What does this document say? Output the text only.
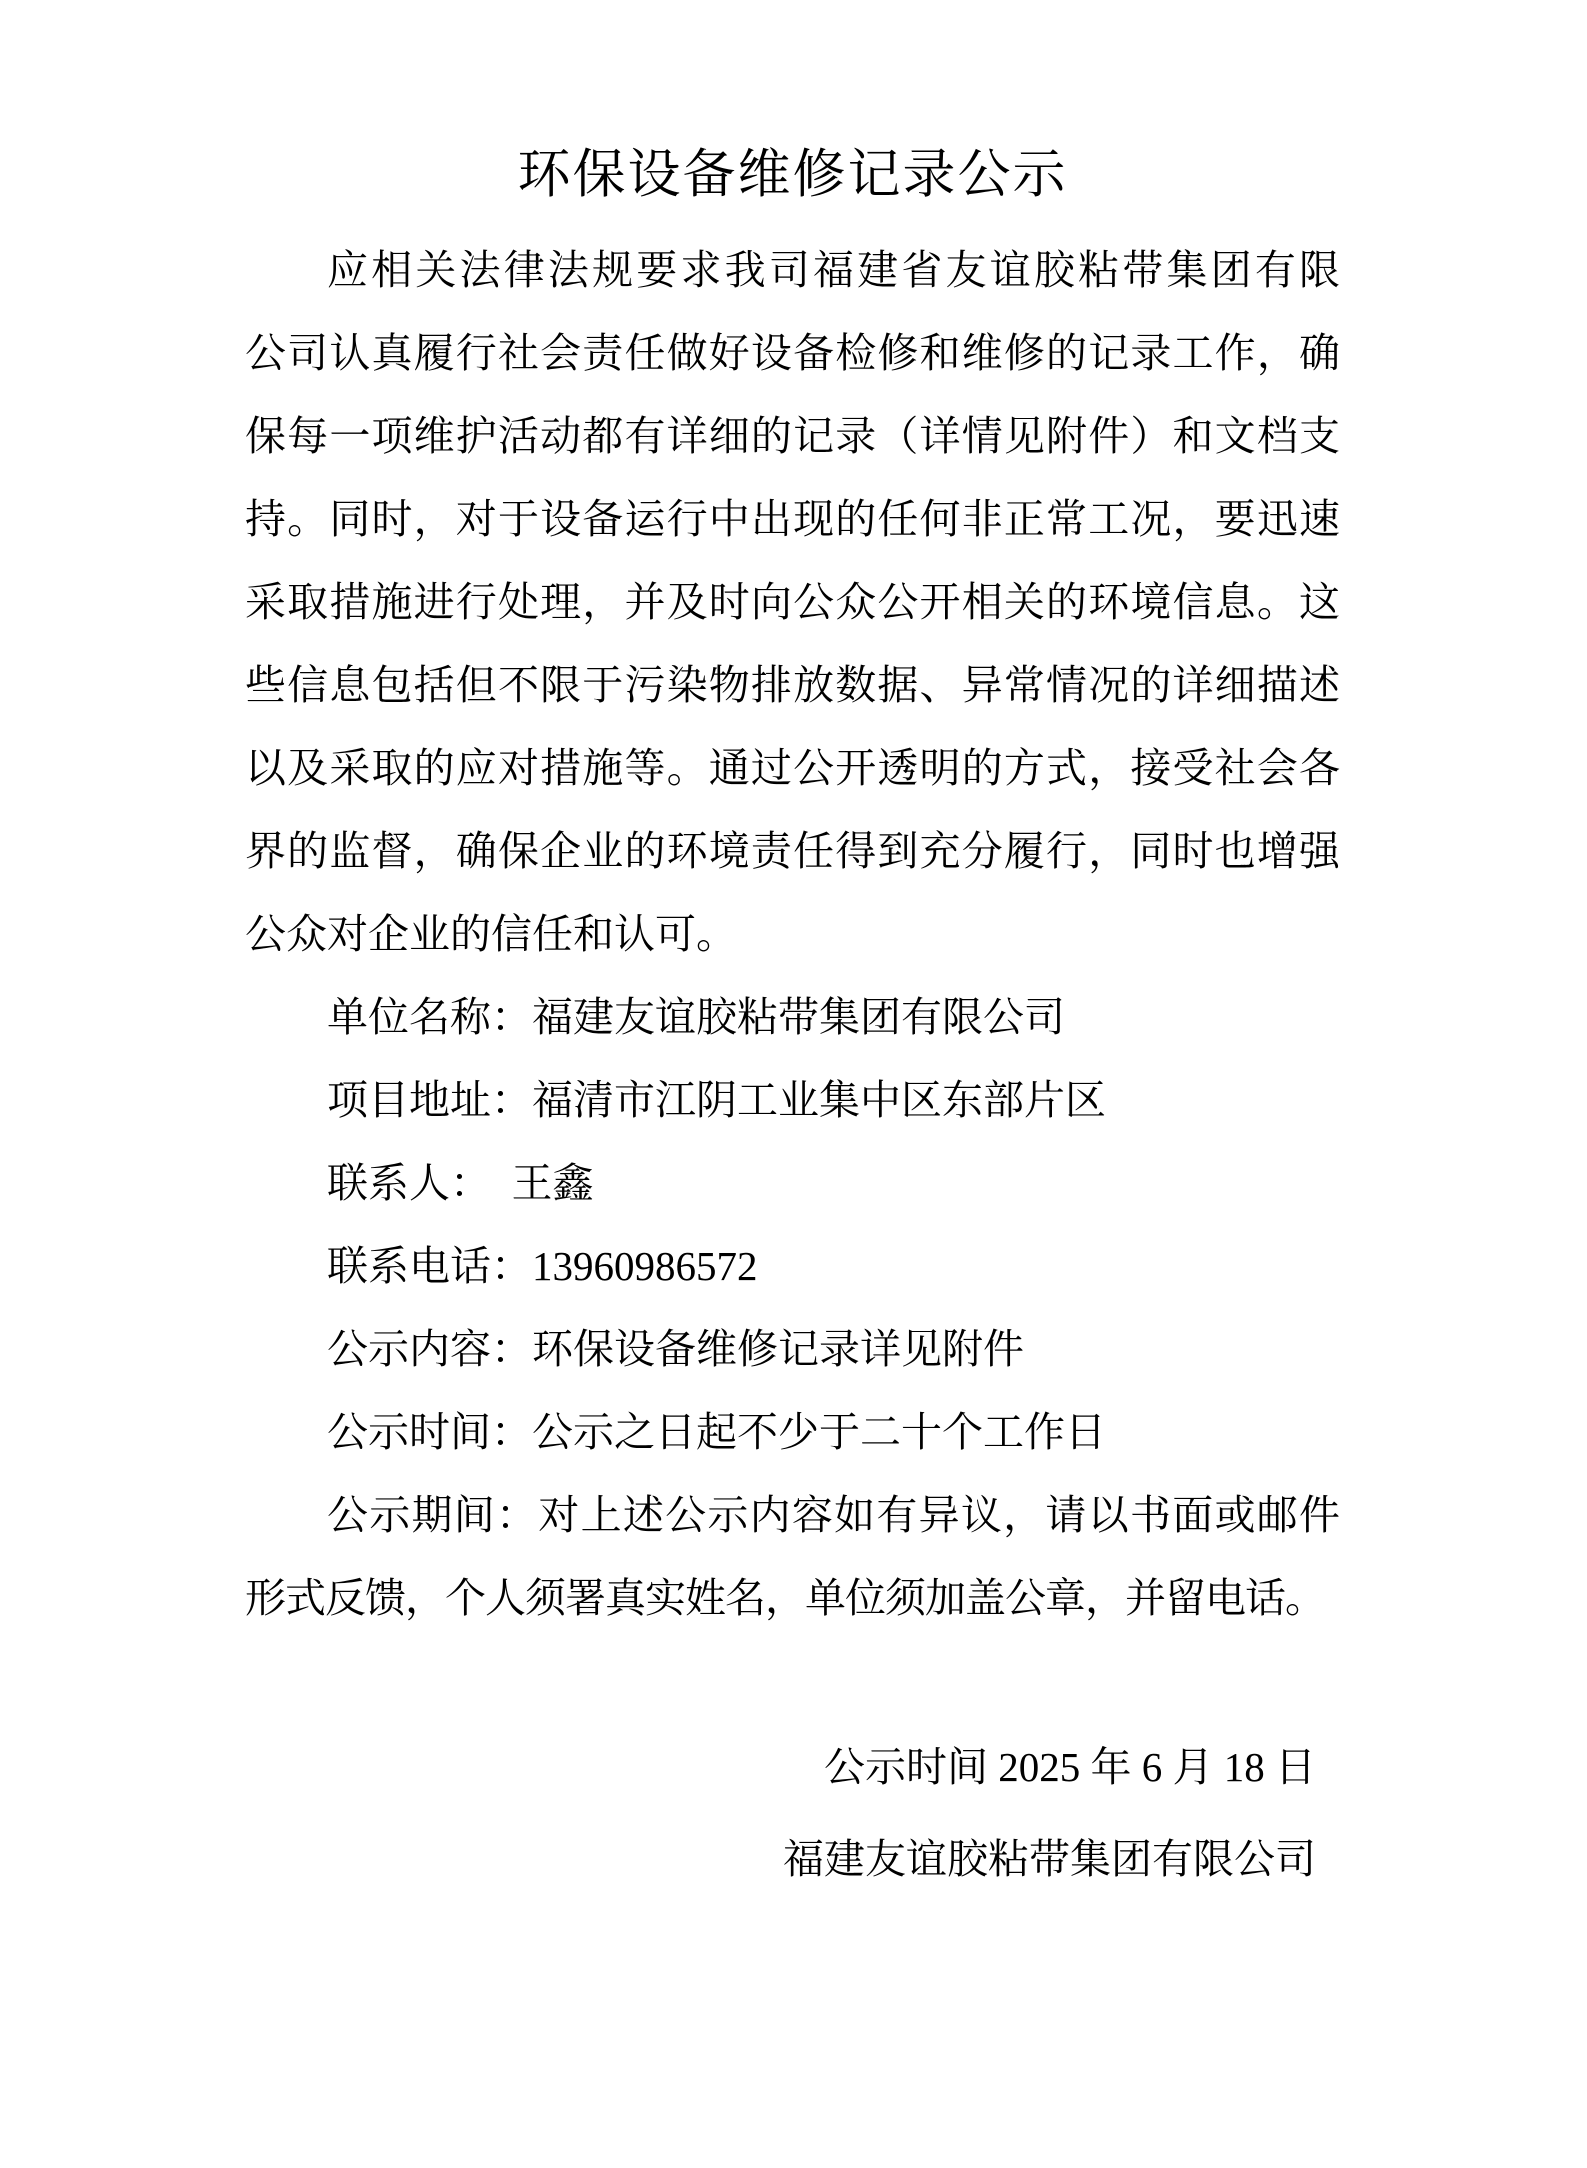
环保设备维修记录公示
应相关法律法规要求我司福建省友谊胶粘带集团有限
公司认真履行社会责任做好设备检修和维修的记录工作，确
保每一项维护活动都有详细的记录（详情见附件）和文档支
持。同时，对于设备运行中出现的任何非正常工况，要迅速
采取措施进行处理，并及时向公众公开相关的环境信息。这
些信息包括但不限于污染物排放数据、异常情况的详细描述
以及采取的应对措施等。通过公开透明的方式，接受社会各
界的监督，确保企业的环境责任得到充分履行，同时也增强
公众对企业的信任和认可。
单位名称：福建友谊胶粘带集团有限公司
项目地址：福清市江阴工业集中区东部片区
联系人：　王鑫
联系电话：13960986572
公示内容：环保设备维修记录详见附件
公示时间：公示之日起不少于二十个工作日
公示期间：对上述公示内容如有异议，请以书面或邮件
形式反馈，个人须署真实姓名，单位须加盖公章，并留电话。
公示时间 2025 年 6 月 18 日
福建友谊胶粘带集团有限公司
